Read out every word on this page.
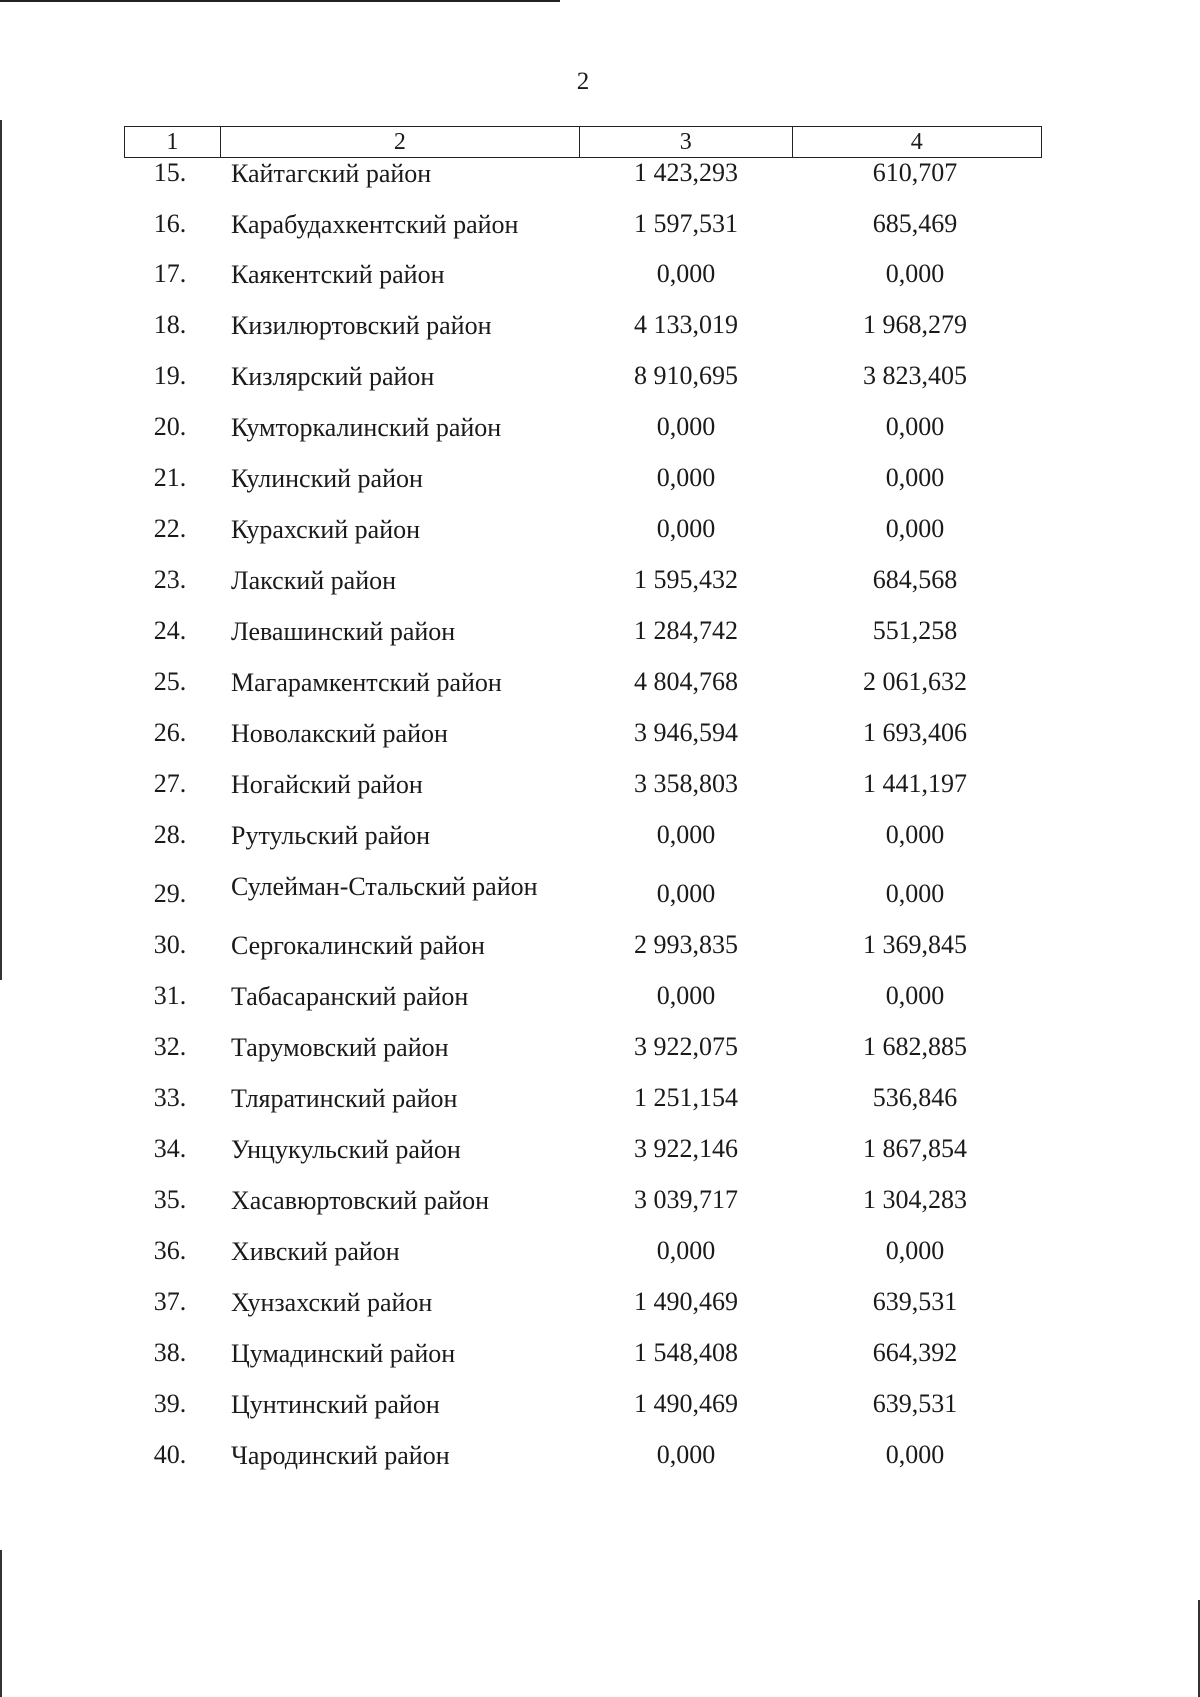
2
1	2	3	4
15.	Кайтагский район	1 423,293	610,707
16.	Карабудахкентский район	1 597,531	685,469
17.	Каякентский район	0,000	0,000
18.	Кизилюртовский район	4 133,019	1 968,279
19.	Кизлярский район	8 910,695	3 823,405
20.	Кумторкалинский район	0,000	0,000
21.	Кулинский район	0,000	0,000
22.	Курахский район	0,000	0,000
23.	Лакский район	1 595,432	684,568
24.	Левашинский район	1 284,742	551,258
25.	Магарамкентский район	4 804,768	2 061,632
26.	Новолакский район	3 946,594	1 693,406
27.	Ногайский район	3 358,803	1 441,197
28.	Рутульский район	0,000	0,000
29.	Сулейман-Стальский район	0,000	0,000
30.	Сергокалинский район	2 993,835	1 369,845
31.	Табасаранский район	0,000	0,000
32.	Тарумовский район	3 922,075	1 682,885
33.	Тляратинский район	1 251,154	536,846
34.	Унцукульский район	3 922,146	1 867,854
35.	Хасавюртовский район	3 039,717	1 304,283
36.	Хивский район	0,000	0,000
37.	Хунзахский район	1 490,469	639,531
38.	Цумадинский район	1 548,408	664,392
39.	Цунтинский район	1 490,469	639,531
40.	Чародинский район	0,000	0,000
